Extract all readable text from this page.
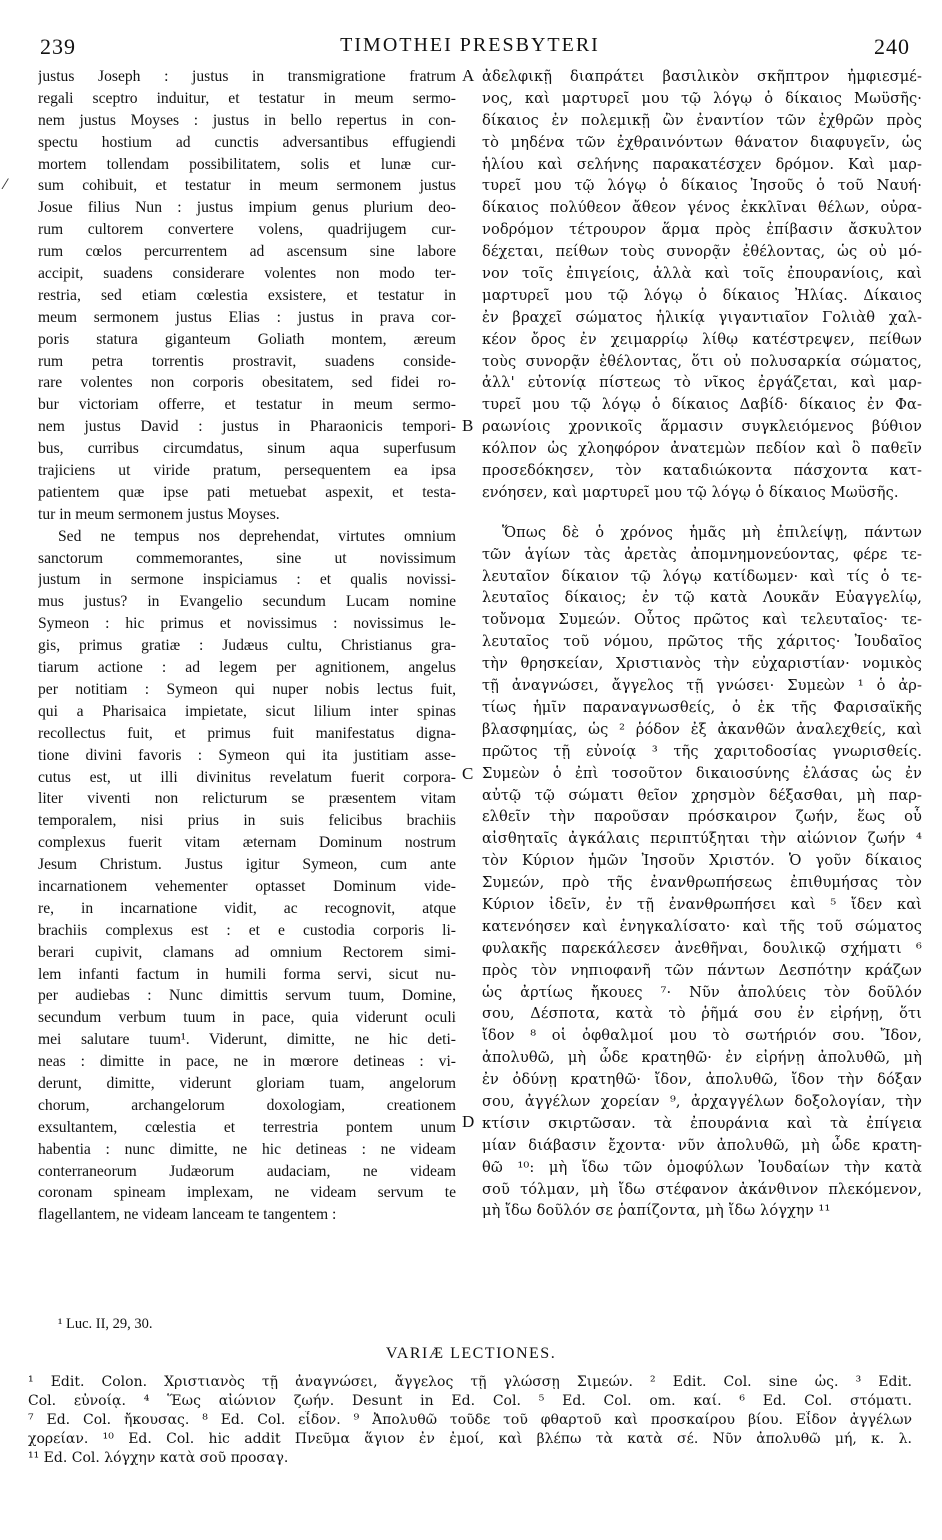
239	TIMOTHEI PRESBYTERI	240
⁄
justus Joseph : justus in transmigratione fratrum
regali sceptro induitur, et testatur in meum sermo-
nem justus Moyses : justus in bello repertus in con-
spectu hostium ad cunctis adversantibus effugiendi
mortem tollendam possibilitatem, solis et lunæ cur-
sum cohibuit, et testatur in meum sermonem justus
Josue filius Nun : justus impium genus plurium deo-
rum cultorem convertere volens, quadrijugem cur-
rum cœlos percurrentem ad ascensum sine labore
accipit, suadens considerare volentes non modo ter-
restria, sed etiam cœlestia exsistere, et testatur in
meum sermonem justus Elias : justus in prava cor-
poris statura giganteum Goliath montem, æreum
rum petra torrentis prostravit, suadens conside-
rare volentes non corporis obesitatem, sed fidei ro-
bur victoriam offerre, et testatur in meum sermo-
nem justus David : justus in Pharaonicis tempori-
bus, curribus circumdatus, sinum aqua superfusum
trajiciens ut viride pratum, persequentem ea ipsa
patientem quæ ipse pati metuebat aspexit, et testa-
tur in meum sermonem justus Moyses.
Sed ne tempus nos deprehendat, virtutes omnium
sanctorum commemorantes, sine ut novissimum
justum in sermone inspiciamus : et qualis novissi-
mus justus? in Evangelio secundum Lucam nomine
Symeon : hic primus et novissimus : novissimus le-
gis, primus gratiæ : Judæus cultu, Christianus gra-
tiarum actione : ad legem per agnitionem, angelus
per notitiam : Symeon qui nuper nobis lectus fuit,
qui a Pharisaica impietate, sicut lilium inter spinas
recollectus fuit, et primus fuit manifestatus digna-
tione divini favoris : Symeon qui ita justitiam asse-
cutus est, ut illi divinitus revelatum fuerit corpora-
liter viventi non relicturum se præsentem vitam
temporalem, nisi prius in suis felicibus brachiis
complexus fuerit vitam æternam Dominum nostrum
Jesum Christum. Justus igitur Symeon, cum ante
incarnationem vehementer optasset Dominum vide-
re, in incarnatione vidit, ac recognovit, atque
brachiis complexus est : et e custodia corporis li-
berari cupivit, clamans ad omnium Rectorem simi-
lem infanti factum in humili forma servi, sicut nu-
per audiebas : Nunc dimittis servum tuum, Domine,
secundum verbum tuum in pace, quia viderunt oculi
mei salutare tuum¹. Viderunt, dimitte, ne hic deti-
neas : dimitte in pace, ne in mœrore detineas : vi-
derunt, dimitte, viderunt gloriam tuam, angelorum
chorum, archangelorum doxologiam, creationem
exsultantem, cœlestia et terrestria pontem unum
habentia : nunc dimitte, ne hic detineas : ne videam
conterraneorum Judæorum audaciam, ne videam
coronam spineam implexam, ne videam servum te
flagellantem, ne videam lanceam te tangentem :
ἀδελφικῇ διαπράτει βασιλικὸν σκῆπτρον ἠμφιεσμέ-
νος, καὶ μαρτυρεῖ μου τῷ λόγῳ ὁ δίκαιος Μωϋσῆς·
δίκαιος ἐν πολεμικῇ ὢν ἐναντίον τῶν ἐχθρῶν πρὸς
τὸ μηδένα τῶν ἐχθραινόντων θάνατον διαφυγεῖν, ὡς
ἡλίου καὶ σελήνης παρακατέσχεν δρόμον. Καὶ μαρ-
τυρεῖ μου τῷ λόγῳ ὁ δίκαιος Ἰησοῦς ὁ τοῦ Ναυή·
δίκαιος πολύθεον ἄθεον γένος ἐκκλῖναι θέλων, οὐρα-
νοδρόμον τέτρουρον ἅρμα πρὸς ἐπίβασιν ἄσκυλτον
δέχεται, πείθων τοὺς συνορᾷν ἐθέλοντας, ὡς οὐ μό-
νον τοῖς ἐπιγείοις, ἀλλὰ καὶ τοῖς ἐπουρανίοις, καὶ
μαρτυρεῖ μου τῷ λόγῳ ὁ δίκαιος Ἠλίας. Δίκαιος
ἐν βραχεῖ σώματος ἡλικίᾳ γιγαντιαῖον Γολιὰθ χαλ-
κέον ὄρος ἐν χειμαρρίῳ λίθῳ κατέστρεψεν, πείθων
τοὺς συνορᾷν ἐθέλοντας, ὅτι οὐ πολυσαρκία σώματος,
ἀλλ' εὐτονίᾳ πίστεως τὸ νῖκος ἐργάζεται, καὶ μαρ-
τυρεῖ μου τῷ λόγῳ ὁ δίκαιος Δαβίδ· δίκαιος ἐν Φα-
ραωνίοις χρονικοῖς ἅρμασιν συγκλειόμενος βύθιον
κόλπον ὡς χλοηφόρον ἀνατεμὼν πεδίον καὶ ὃ παθεῖν
προσεδόκησεν, τὸν καταδιώκοντα πάσχοντα κατ-
ενόησεν, καὶ μαρτυρεῖ μου τῷ λόγῳ ὁ δίκαιος Μωϋσῆς.
Ὅπως δὲ ὁ χρόνος ἡμᾶς μὴ ἐπιλείψῃ, πάντων
τῶν ἁγίων τὰς ἀρετὰς ἀπομνημονεύοντας, φέρε τε-
λευταῖον δίκαιον τῷ λόγῳ κατίδωμεν· καὶ τίς ὁ τε-
λευταῖος δίκαιος; ἐν τῷ κατὰ Λουκᾶν Εὐαγγελίῳ,
τοὔνομα Συμεών. Οὗτος πρῶτος καὶ τελευταῖος· τε-
λευταῖος τοῦ νόμου, πρῶτος τῆς χάριτος· Ἰουδαῖος
τὴν θρησκείαν, Χριστιανὸς τὴν εὐχαριστίαν· νομικὸς
τῇ ἀναγνώσει, ἄγγελος τῇ γνώσει· Συμεὼν ¹ ὁ ἀρ-
τίως ἡμῖν παραναγνωσθείς, ὁ ἐκ τῆς Φαρισαϊκῆς
βλασφημίας, ὡς ² ῥόδον ἐξ ἀκανθῶν ἀναλεχθείς, καὶ
πρῶτος τῇ εὐνοίᾳ ³ τῆς χαριτοδοσίας γνωρισθείς.
Συμεὼν ὁ ἐπὶ τοσοῦτον δικαιοσύνης ἐλάσας ὡς ἐν
αὐτῷ τῷ σώματι θεῖον χρησμὸν δέξασθαι, μὴ παρ-
ελθεῖν τὴν παροῦσαν πρόσκαιρον ζωήν, ἕως οὗ
αἰσθηταῖς ἀγκάλαις περιπτύξηται τὴν αἰώνιον ζωήν ⁴
τὸν Κύριον ἡμῶν Ἰησοῦν Χριστόν. Ὁ γοῦν δίκαιος
Συμεών, πρὸ τῆς ἐνανθρωπήσεως ἐπιθυμήσας τὸν
Κύριον ἰδεῖν, ἐν τῇ ἐνανθρωπήσει καὶ ⁵ ἴδεν καὶ
κατενόησεν καὶ ἐνηγκαλίσατο· καὶ τῆς τοῦ σώματος
φυλακῆς παρεκάλεσεν ἀνεθῆναι, δουλικῷ σχήματι ⁶
πρὸς τὸν νηπιοφανῆ τῶν πάντων Δεσπότην κράζων
ὡς ἀρτίως ἤκουες ⁷· Νῦν ἀπολύεις τὸν δοῦλόν
σου, Δέσποτα, κατὰ τὸ ῥῆμά σου ἐν εἰρήνῃ, ὅτι
ἴδον ⁸ οἱ ὀφθαλμοί μου τὸ σωτήριόν σου. Ἴδον,
ἀπολυθῶ, μὴ ὧδε κρατηθῶ· ἐν εἰρήνῃ ἀπολυθῶ, μὴ
ἐν ὀδύνῃ κρατηθῶ· ἴδον, ἀπολυθῶ, ἴδον τὴν δόξαν
σου, ἀγγέλων χορείαν ⁹, ἀρχαγγέλων δοξολογίαν, τὴν
κτίσιν σκιρτῶσαν. τὰ ἐπουράνια καὶ τὰ ἐπίγεια
μίαν διάβασιν ἔχοντα· νῦν ἀπολυθῶ, μὴ ὧδε κρατη-
θῶ ¹⁰: μὴ ἴδω τῶν ὁμοφύλων Ἰουδαίων τὴν κατὰ
σοῦ τόλμαν, μὴ ἴδω στέφανον ἀκάνθινον πλεκόμενον,
μὴ ἴδω δοῦλόν σε ῥαπίζοντα, μὴ ἴδω λόγχην ¹¹
A
B
C
D
¹ Luc. II, 29, 30.
VARIÆ LECTIONES.
¹ Edit. Colon. Χριστιανὸς τῇ ἀναγνώσει, ἄγγελος τῇ γλώσσῃ Σιμεών. ² Edit. Col. sine ὡς. ³ Edit.
Col. εὐνοίᾳ. ⁴ Ἕως αἰώνιον ζωήν. Desunt in Ed. Col. ⁵ Ed. Col. om. καί. ⁶ Ed. Col. στόματι.
⁷ Ed. Col. ἤκουσας. ⁸ Ed. Col. εἶδον. ⁹ Ἀπολυθῶ τοῦδε τοῦ φθαρτοῦ καὶ προσκαίρου βίου. Εἶδον ἀγγέλων
χορείαν. ¹⁰ Ed. Col. hic addit Πνεῦμα ἅγιον ἐν ἐμοί, καὶ βλέπω τὰ κατὰ σέ. Νῦν ἀπολυθῶ μή, κ. λ.
¹¹ Ed. Col. λόγχην κατὰ σοῦ προσαγ.
